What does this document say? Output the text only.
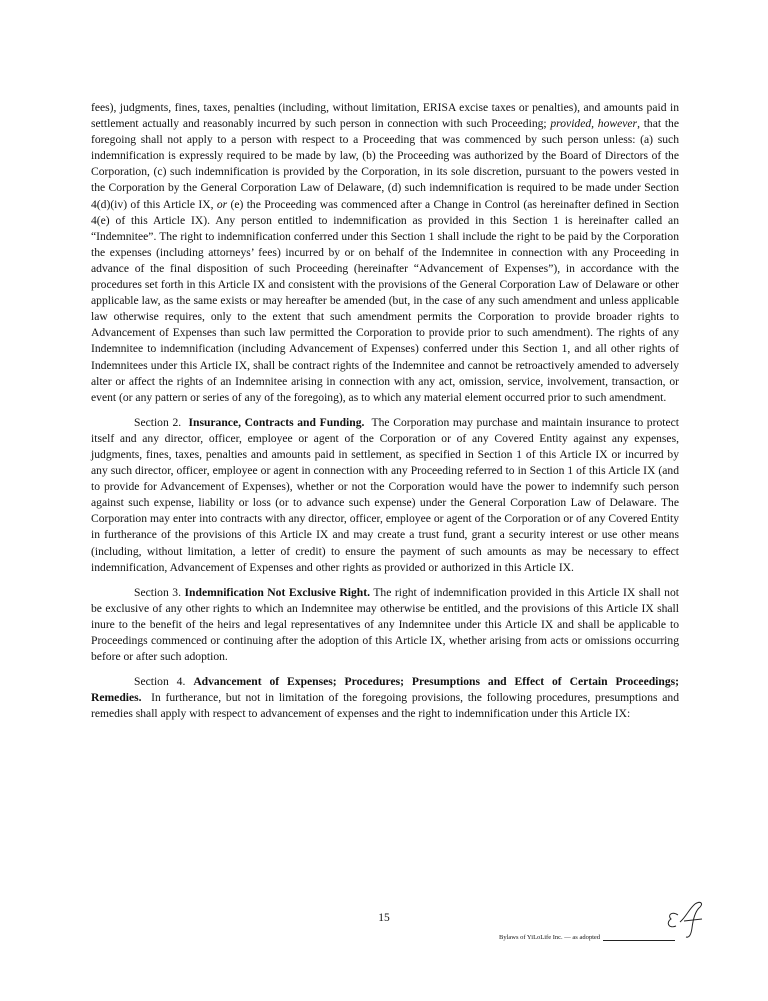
fees), judgments, fines, taxes, penalties (including, without limitation, ERISA excise taxes or penalties), and amounts paid in settlement actually and reasonably incurred by such person in connection with such Proceeding; provided, however, that the foregoing shall not apply to a person with respect to a Proceeding that was commenced by such person unless: (a) such indemnification is expressly required to be made by law, (b) the Proceeding was authorized by the Board of Directors of the Corporation, (c) such indemnification is provided by the Corporation, in its sole discretion, pursuant to the powers vested in the Corporation by the General Corporation Law of Delaware, (d) such indemnification is required to be made under Section 4(d)(iv) of this Article IX, or (e) the Proceeding was commenced after a Change in Control (as hereinafter defined in Section 4(e) of this Article IX). Any person entitled to indemnification as provided in this Section 1 is hereinafter called an “Indemnitee”. The right to indemnification conferred under this Section 1 shall include the right to be paid by the Corporation the expenses (including attorneys’ fees) incurred by or on behalf of the Indemnitee in connection with any Proceeding in advance of the final disposition of such Proceeding (hereinafter “Advancement of Expenses”), in accordance with the procedures set forth in this Article IX and consistent with the provisions of the General Corporation Law of Delaware or other applicable law, as the same exists or may hereafter be amended (but, in the case of any such amendment and unless applicable law otherwise requires, only to the extent that such amendment permits the Corporation to provide broader rights to Advancement of Expenses than such law permitted the Corporation to provide prior to such amendment). The rights of any Indemnitee to indemnification (including Advancement of Expenses) conferred under this Section 1, and all other rights of Indemnitees under this Article IX, shall be contract rights of the Indemnitee and cannot be retroactively amended to adversely alter or affect the rights of an Indemnitee arising in connection with any act, omission, service, involvement, transaction, or event (or any pattern or series of any of the foregoing), as to which any material element occurred prior to such amendment.

Section 2. Insurance, Contracts and Funding. The Corporation may purchase and maintain insurance to protect itself and any director, officer, employee or agent of the Corporation or of any Covered Entity against any expenses, judgments, fines, taxes, penalties and amounts paid in settlement, as specified in Section 1 of this Article IX or incurred by any such director, officer, employee or agent in connection with any Proceeding referred to in Section 1 of this Article IX (and to provide for Advancement of Expenses), whether or not the Corporation would have the power to indemnify such person against such expense, liability or loss (or to advance such expense) under the General Corporation Law of Delaware. The Corporation may enter into contracts with any director, officer, employee or agent of the Corporation or of any Covered Entity in furtherance of the provisions of this Article IX and may create a trust fund, grant a security interest or use other means (including, without limitation, a letter of credit) to ensure the payment of such amounts as may be necessary to effect indemnification, Advancement of Expenses and other rights as provided or authorized in this Article IX.

Section 3. Indemnification Not Exclusive Right. The right of indemnification provided in this Article IX shall not be exclusive of any other rights to which an Indemnitee may otherwise be entitled, and the provisions of this Article IX shall inure to the benefit of the heirs and legal representatives of any Indemnitee under this Article IX and shall be applicable to Proceedings commenced or continuing after the adoption of this Article IX, whether arising from acts or omissions occurring before or after such adoption.

Section 4. Advancement of Expenses; Procedures; Presumptions and Effect of Certain Proceedings; Remedies. In furtherance, but not in limitation of the foregoing provisions, the following procedures, presumptions and remedies shall apply with respect to advancement of expenses and the right to indemnification under this Article IX:

15
Bylaws of YiLoLife Inc. — as adopted
